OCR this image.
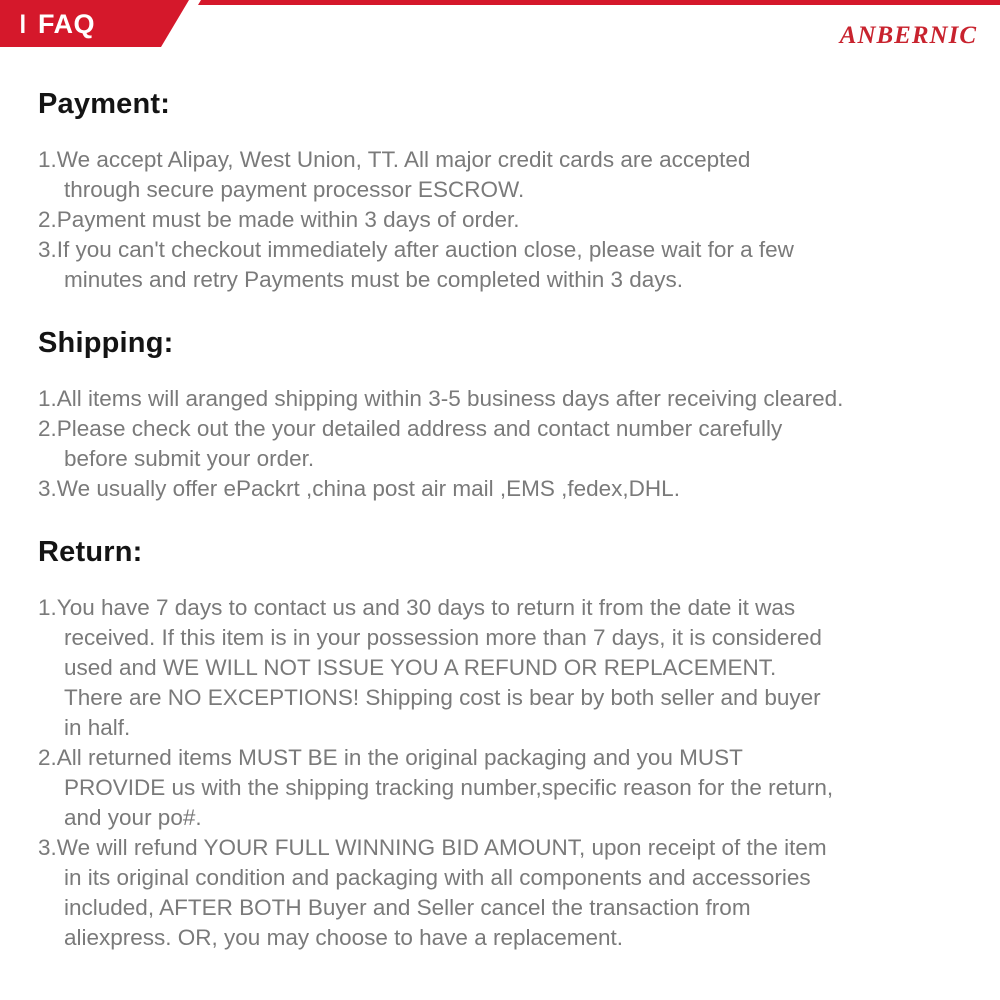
I FAQ	ANBERNIC
Payment:
1.We accept Alipay, West Union, TT. All major credit cards are accepted
through secure payment processor ESCROW.
2.Payment must be made within 3 days of order.
3.If you can't checkout immediately after auction close, please wait for a few
minutes and retry Payments must be completed within 3 days.
Shipping:
1.All items will aranged shipping within 3-5 business days after receiving cleared.
2.Please check out the your detailed address and contact number carefully
before submit your order.
3.We usually offer ePackrt ,china post air mail ,EMS ,fedex,DHL.
Return:
1.You have 7 days to contact us and 30 days to return it from the date it was
received. If this item is in your possession more than 7 days, it is considered
used and WE WILL NOT ISSUE YOU A REFUND OR REPLACEMENT.
There are NO EXCEPTIONS! Shipping cost is bear by both seller and buyer
in half.
2.All returned items MUST BE in the original packaging and you MUST
PROVIDE us with the shipping tracking number,specific reason for the return,
and your po#.
3.We will refund YOUR FULL WINNING BID AMOUNT, upon receipt of the item
in its original condition and packaging with all components and accessories
included, AFTER BOTH Buyer and Seller cancel the transaction from
aliexpress. OR, you may choose to have a replacement.
